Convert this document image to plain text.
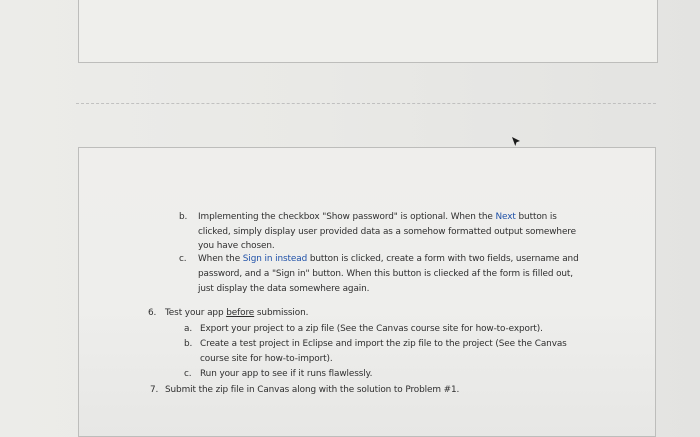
b.	Implementing the checkbox "Show password" is optional. When the Next button is
clicked, simply display user provided data as a somehow formatted output somewhere
you have chosen.
c. When the Sign in instead button is clicked, create a form with two fields, username and
password, and a "Sign in" button. When this button is cliecked af the form is filled out,
just display the data somewhere again.
6. Test your app before submission.
a. Export your project to a zip file (See the Canvas course site for how-to-export).
b. Create a test project in Eclipse and import the zip file to the project (See the Canvas
course site for how-to-import).
c. Run your app to see if it runs flawlessly.
7. Submit the zip file in Canvas along with the solution to Problem #1.
